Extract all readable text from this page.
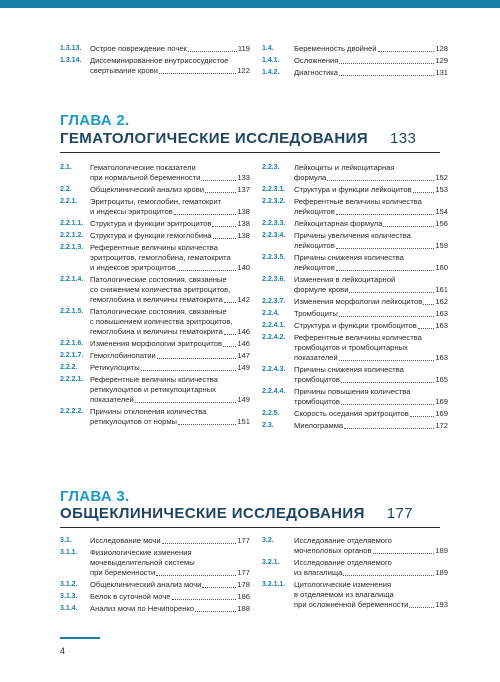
1.3.13. Острое повреждение почек	119
1.3.14. Диссеминированное внутрисосудистое
свертывание крови	122
1.4.	Беременность двойней	128
1.4.1. Осложнения	129
1.4.2. Диагностика	131
ГЛАВА 2.
ГЕМАТОЛОГИЧЕСКИЕ ИССЛЕДОВАНИЯ 133
2.1. Гематологические показатели
при нормальной беременности	133
2.2. Общеклинический анализ крови	137
2.2.1. Эритроциты, гемоглобин, гематокрит
и индексы эритроцитов	138
2.2.1.1. Структура и функции эритроцитов	138
2.2.1.2. Структура и функции гемоглобина	138
2.2.1.3. Референтные величины количества
эритроцитов, гемоглобина, гематокрита
и индексов эритроцитов	140
2.2.1.4. Патологические состояния, связанные
со снижением количества эритроцитов,
гемоглобина и величины гематокрита 142
2.2.1.5. Патологические состояния, связанные
с повышением количества эритроцитов,
гемоглобина и величины гематокрита 146
2.2.1.6. Изменения морфологии эритроцитов 146
2.2.1.7. Гемоглобинопатии	147
2.2.2. Ретикулоциты	149
2.2.2.1. Референтные величины количества
ретикулоцитов и ретикулоцитарных
показателей	149
2.2.2.2. Причины отклонения количества
ретикулоцитов от нормы	151
2.2.3. Лейкоциты и лейкоцитарная
формула	152
2.2.3.1. Структура и функции лейкоцитов	153
2.2.3.2. Референтные величины количества
лейкоцитов	154
2.2.3.3. Лейкоцитарная формула	156
2.2.3.4. Причины увеличения количества
лейкоцитов	159
2.2.3.5. Причины снижения количества
лейкоцитов	160
2.2.3.6. Изменения в лейкоцитарной
формуле крови	161
2.2.3.7. Изменения морфологии лейкоцитов 162
2.2.4. Тромбоциты	163
2.2.4.1. Структура и функции тромбоцитов 163
2.2.4.2. Референтные величины количества
тромбоцитов и тромбоцитарных
показателей	163
2.2.4.3. Причины снижения количества
тромбоцитов	165
2.2.4.4. Причины повышения количества
тромбоцитов	169
2.2.5. Скорость оседания эритроцитов	169
2.3.	Миелограмма	172
ГЛАВА 3.
ОБЩЕКЛИНИЧЕСКИЕ ИССЛЕДОВАНИЯ 177
3.1. Исследование мочи	177
3.1.1. Физиологические изменения
мочевыделительной системы
при беременности	177
3.1.2. Общеклинический анализ мочи	178
3.1.3. Белок в суточной моче	186
3.1.4. Анализ мочи по Нечипоренко	188
3.2.	Исследование отделяемого
мочеполовых органов	189
3.2.1. Исследование отделяемого
из влагалища	189
3.2.1.1. Цитологические изменения
в отделяемом из влагалища
при осложненной беременности	193
4
